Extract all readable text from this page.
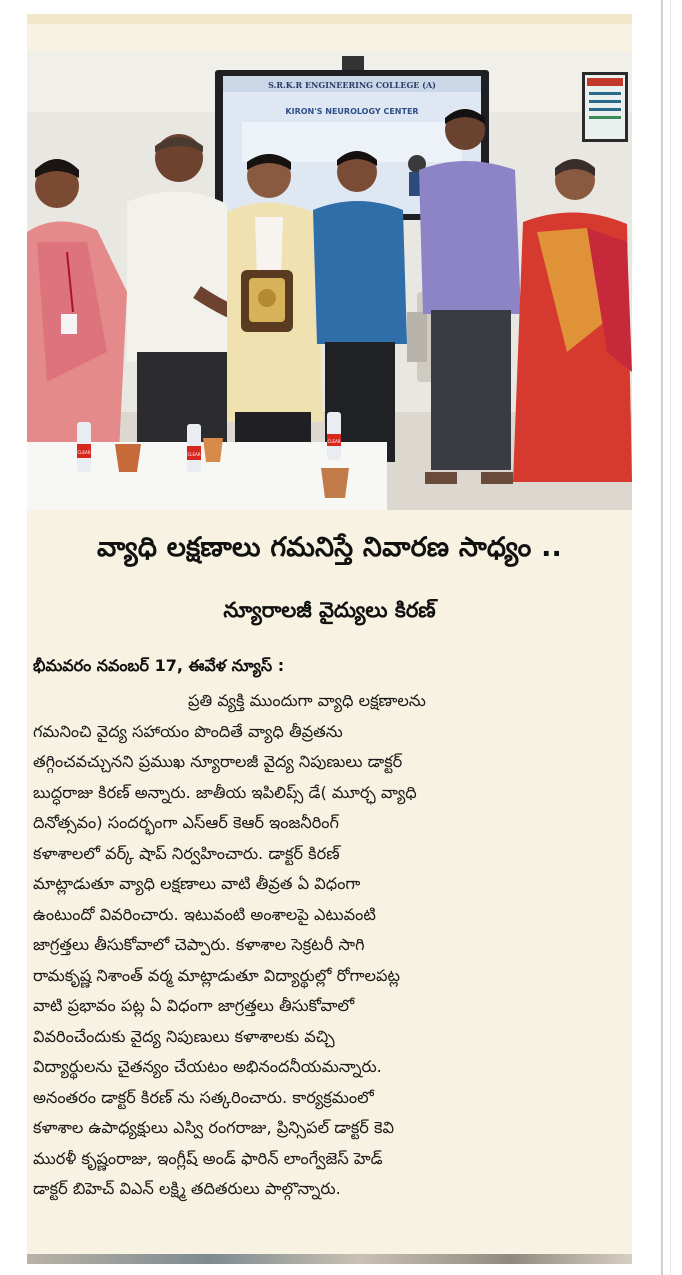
S.R.K.R ENGINEERING COLLEGE (A)
KIRON'S NEUROLOGY CENTER
CLEAR	CLEAR
CLEAR
వ్యాధి లక్షణాలు గమనిస్తే నివారణ సాధ్యం ..
న్యూరాలజీ వైద్యులు కిరణ్
భీమవరం నవంబర్ 17, ఈవేళ న్యూస్ :
ప్రతి వ్యక్తి ముందుగా వ్యాధి లక్షణాలను
గమనించి వైద్య సహాయం పొందితే వ్యాధి తీవ్రతను
తగ్గించవచ్చునని ప్రముఖ న్యూరాలజీ వైద్య నిపుణులు డాక్టర్
బుద్ధరాజు కిరణ్ అన్నారు. జాతీయ ఇపిలిప్స్ డే( మూర్ఛ వ్యాధి
దినోత్సవం) సందర్భంగా ఎస్ఆర్ కెఆర్ ఇంజనీరింగ్
కళాశాలలో వర్క్ షాప్ నిర్వహించారు. డాక్టర్ కిరణ్
మాట్లాడుతూ వ్యాధి లక్షణాలు వాటి తీవ్రత ఏ విధంగా
ఉంటుందో వివరించారు. ఇటువంటి అంశాలపై ఎటువంటి
జాగ్రత్తలు తీసుకోవాలో చెప్పారు. కళాశాల సెక్రటరీ సాగి
రామకృష్ణ నిశాంత్ వర్మ మాట్లాడుతూ విద్యార్థుల్లో రోగాలపట్ల
వాటి ప్రభావం పట్ల ఏ విధంగా జాగ్రత్తలు తీసుకోవాలో
వివరించేందుకు వైద్య నిపుణులు కళాశాలకు వచ్చి
విద్యార్థులను చైతన్యం చేయటం అభినందనీయమన్నారు.
అనంతరం డాక్టర్ కిరణ్ ను సత్కరించారు. కార్యక్రమంలో
కళాశాల ఉపాధ్యక్షులు ఎస్వి రంగరాజు, ప్రిన్సిపల్ డాక్టర్ కెవి
మురళీ కృష్ణంరాజు, ఇంగ్లీష్ అండ్ ఫారిన్ లాంగ్వేజెస్ హెడ్
డాక్టర్ బిహెచ్ విఎన్ లక్ష్మి తదితరులు పాల్గొన్నారు.
